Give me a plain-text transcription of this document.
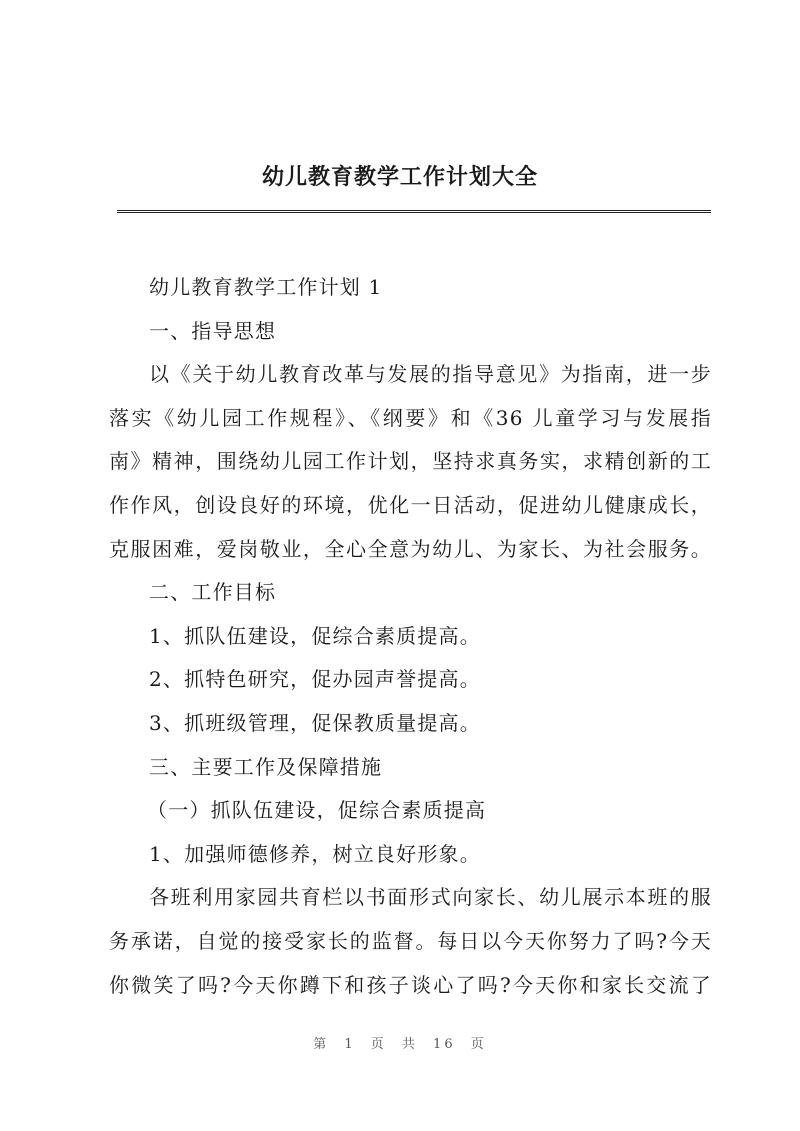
幼儿教育教学工作计划大全
幼儿教育教学工作计划 1
一、指导思想
以《关于幼儿教育改革与发展的指导意见》为指南，进一步
落实《幼儿园工作规程》、《纲要》和《36 儿童学习与发展指
南》精神，围绕幼儿园工作计划，坚持求真务实，求精创新的工
作作风，创设良好的环境，优化一日活动，促进幼儿健康成长，
克服困难，爱岗敬业，全心全意为幼儿、为家长、为社会服务。
二、工作目标
1、抓队伍建设，促综合素质提高。
2、抓特色研究，促办园声誉提高。
3、抓班级管理，促保教质量提高。
三、主要工作及保障措施
（一）抓队伍建设，促综合素质提高
1、加强师德修养，树立良好形象。
各班利用家园共育栏以书面形式向家长、幼儿展示本班的服
务承诺，自觉的接受家长的监督。每日以今天你努力了吗?今天
你微笑了吗?今天你蹲下和孩子谈心了吗?今天你和家长交流了
第 1 页 共 16 页
